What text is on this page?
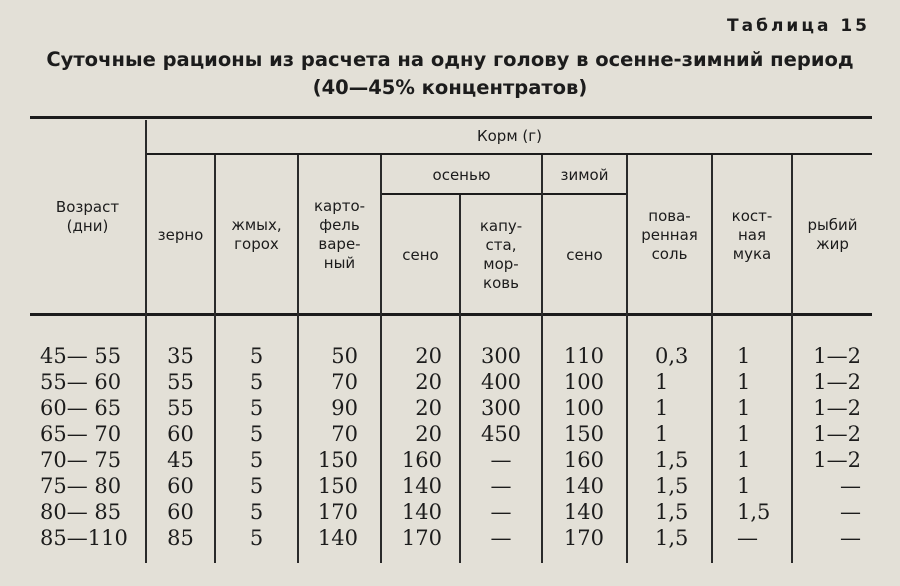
Таблица 15
Суточные рационы из расчета на одну голову в осенне-зимний период
(40—45% концентратов)
Возраст
(дни)
Корм (г)
осенью	зимой
зерно
жмых,
горох
карто-
фель
варе-
ный	сено
капу-
ста,
мор-
ковь
сено
пова-
ренная
соль
кост-
ная
мука
рыбий
жир
45— 55
55— 60
60— 65
65— 70
70— 75
75— 80
80— 85
85—110
35
55
55
60
45
60
60
85
5
5
5
5
5
5
5
5
50
70
90
70
150
150
170
140
20
20
20
20
160
140
140
170
300
400
300
450
—
—
—
—
110
100
100
150
160
140
140
170
0,3
1
1
1
1,5
1,5
1,5
1,5
1
1
1
1
1
1
1,5
—
1—2
1—2
1—2
1—2
1—2
—
—
—
